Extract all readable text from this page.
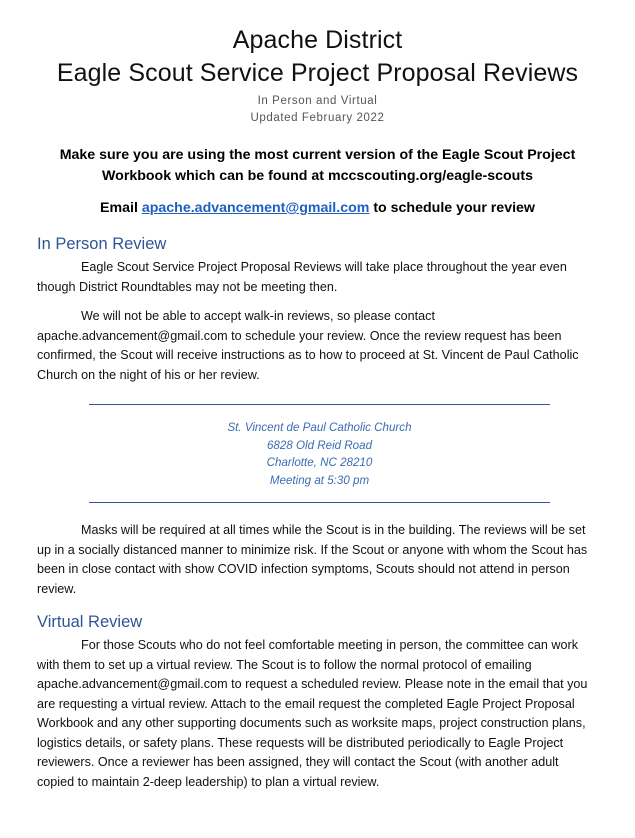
Apache District
Eagle Scout Service Project Proposal Reviews
In Person and Virtual
Updated February 2022
Make sure you are using the most current version of the Eagle Scout Project
Workbook which can be found at mccscouting.org/eagle-scouts
Email apache.advancement@gmail.com to schedule your review
In Person Review

Eagle Scout Service Project Proposal Reviews will take place throughout the year even though District Roundtables may not be meeting then.

We will not be able to accept walk-in reviews, so please contact apache.advancement@gmail.com to schedule your review. Once the review request has been confirmed, the Scout will receive instructions as to how to proceed at St. Vincent de Paul Catholic Church on the night of his or her review.

St. Vincent de Paul Catholic Church
6828 Old Reid Road
Charlotte, NC 28210
Meeting at 5:30 pm

Masks will be required at all times while the Scout is in the building. The reviews will be set up in a socially distanced manner to minimize risk. If the Scout or anyone with whom the Scout has been in close contact with show COVID infection symptoms, Scouts should not attend in person review.

Virtual Review

For those Scouts who do not feel comfortable meeting in person, the committee can work with them to set up a virtual review. The Scout is to follow the normal protocol of emailing apache.advancement@gmail.com to request a scheduled review. Please note in the email that you are requesting a virtual review. Attach to the email request the completed Eagle Project Proposal Workbook and any other supporting documents such as worksite maps, project construction plans, logistics details, or safety plans. These requests will be distributed periodically to Eagle Project reviewers. Once a reviewer has been assigned, they will contact the Scout (with another adult copied to maintain 2-deep leadership) to plan a virtual review.
